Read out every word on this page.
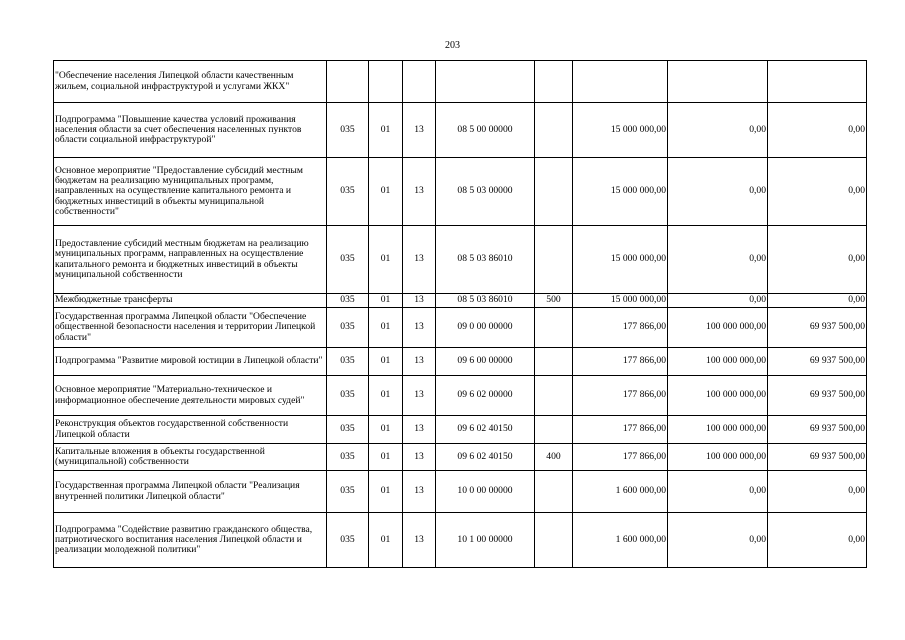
203
"Обеспечение населения Липецкой области качественным жильем, социальной инфраструктурой и услугами ЖКХ"								
Подпрограмма "Повышение качества условий проживания населения области за счет обеспечения населенных пунктов области социальной инфраструктурой"	035	01	13	08 5 00 00000		15 000 000,00	0,00	0,00
Основное мероприятие "Предоставление субсидий местным бюджетам на реализацию муниципальных программ, направленных на осуществление капитального ремонта и бюджетных инвестиций в объекты муниципальной собственности"	035	01	13	08 5 03 00000		15 000 000,00	0,00	0,00
Предоставление субсидий местным бюджетам на реализацию муниципальных программ, направленных на осуществление капитального ремонта и бюджетных инвестиций в объекты муниципальной собственности	035	01	13	08 5 03 86010		15 000 000,00	0,00	0,00
Межбюджетные трансферты	035	01	13	08 5 03 86010	500	15 000 000,00	0,00	0,00
Государственная программа Липецкой области "Обеспечение общественной безопасности населения и территории Липецкой области"	035	01	13	09 0 00 00000		177 866,00	100 000 000,00	69 937 500,00
Подпрограмма "Развитие мировой юстиции в Липецкой области"	035	01	13	09 6 00 00000		177 866,00	100 000 000,00	69 937 500,00
Основное мероприятие "Материально-техническое и информационное обеспечение деятельности мировых судей"	035	01	13	09 6 02 00000		177 866,00	100 000 000,00	69 937 500,00
Реконструкция объектов государственной собственности Липецкой области	035	01	13	09 6 02 40150		177 866,00	100 000 000,00	69 937 500,00
Капитальные вложения в объекты государственной (муниципальной) собственности	035	01	13	09 6 02 40150	400	177 866,00	100 000 000,00	69 937 500,00
Государственная программа Липецкой области "Реализация внутренней политики Липецкой области"	035	01	13	10 0 00 00000		1 600 000,00	0,00	0,00
Подпрограмма "Содействие развитию гражданского общества, патриотического воспитания населения Липецкой области и реализации молодежной политики"	035	01	13	10 1 00 00000		1 600 000,00	0,00	0,00
